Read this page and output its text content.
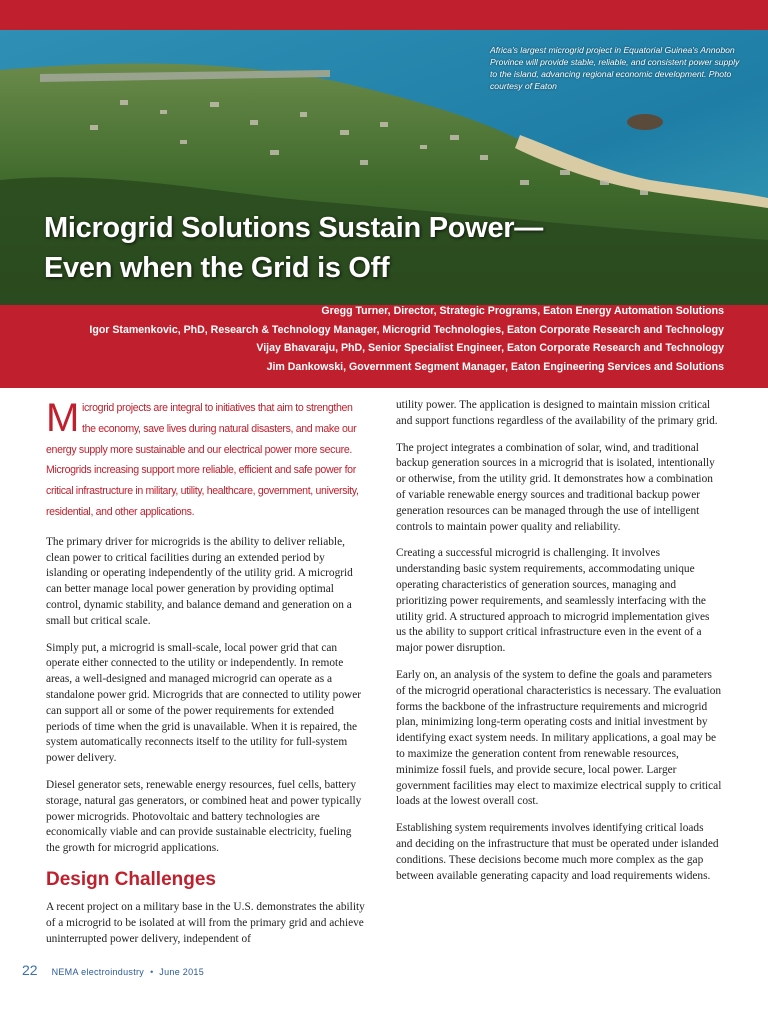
Africa's largest microgrid project in Equatorial Guinea's Annobon Province will provide stable, reliable, and consistent power supply to the island, advancing regional economic development. Photo courtesy of Eaton
Microgrid Solutions Sustain Power—
Even when the Grid is Off
Gregg Turner, Director, Strategic Programs, Eaton Energy Automation Solutions
Igor Stamenkovic, PhD, Research & Technology Manager, Microgrid Technologies, Eaton Corporate Research and Technology
Vijay Bhavaraju, PhD, Senior Specialist Engineer, Eaton Corporate Research and Technology
Jim Dankowski, Government Segment Manager, Eaton Engineering Services and Solutions
Microgrid projects are integral to initiatives that aim to strengthen the economy, save lives during natural disasters, and make our energy supply more sustainable and our electrical power more secure. Microgrids increasing support more reliable, efficient and safe power for critical infrastructure in military, utility, healthcare, government, university, residential, and other applications.

The primary driver for microgrids is the ability to deliver reliable, clean power to critical facilities during an extended period by islanding or operating independently of the utility grid. A microgrid can better manage local power generation by providing optimal control, dynamic stability, and balance demand and generation on a small but critical scale.

Simply put, a microgrid is small-scale, local power grid that can operate either connected to the utility or independently. In remote areas, a well-designed and managed microgrid can operate as a standalone power grid. Microgrids that are connected to utility power can support all or some of the power requirements for extended periods of time when the grid is unavailable. When it is repaired, the system automatically reconnects itself to the utility for full-system power delivery.

Diesel generator sets, renewable energy resources, fuel cells, battery storage, natural gas generators, or combined heat and power typically power microgrids. Photovoltaic and battery technologies are economically viable and can provide sustainable electricity, fueling the growth for microgrid applications.

Design Challenges

A recent project on a military base in the U.S. demonstrates the ability of a microgrid to be isolated at will from the primary grid and achieve uninterrupted power delivery, independent of

utility power. The application is designed to maintain mission critical and support functions regardless of the availability of the primary grid.

The project integrates a combination of solar, wind, and traditional backup generation sources in a microgrid that is isolated, intentionally or otherwise, from the utility grid. It demonstrates how a combination of variable renewable energy sources and traditional backup power generation resources can be managed through the use of intelligent controls to maintain power quality and reliability.

Creating a successful microgrid is challenging. It involves understanding basic system requirements, accommodating unique operating characteristics of generation sources, managing and prioritizing power requirements, and seamlessly interfacing with the utility grid. A structured approach to microgrid implementation gives us the ability to support critical infrastructure even in the event of a major power disruption.

Early on, an analysis of the system to define the goals and parameters of the microgrid operational characteristics is necessary. The evaluation forms the backbone of the infrastructure requirements and microgrid plan, minimizing long-term operating costs and initial investment by identifying exact system needs. In military applications, a goal may be to maximize the generation content from renewable resources, minimize fossil fuels, and provide secure, local power. Larger government facilities may elect to maximize electrical supply to critical loads at the lowest overall cost.

Establishing system requirements involves identifying critical loads and deciding on the infrastructure that must be operated under islanded conditions. These decisions become much more complex as the gap between available generating capacity and load requirements widens.

22 NEMA electroindustry • June 2015
